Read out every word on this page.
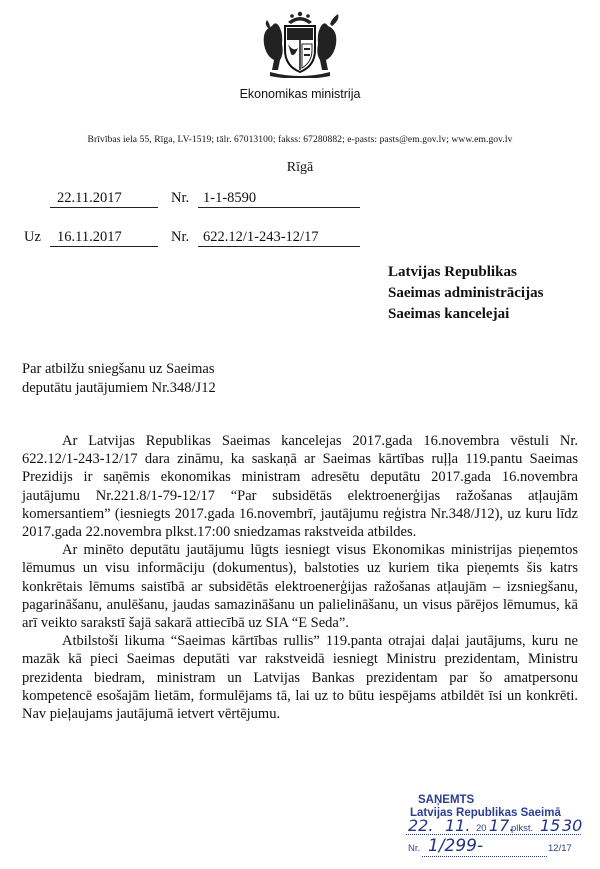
Ekonomikas ministrija
Brīvības iela 55, Rīga, LV-1519; tālr. 67013100; fakss: 67280882; e-pasts: pasts@em.gov.lv; www.em.gov.lv
Rīgā
22.11.2017	Nr. 1-1-8590
Uz 16.11.2017	Nr. 622.12/1-243-12/17
Latvijas Republikas
Saeimas administrācijas
Saeimas kancelejai
Par atbilžu sniegšanu uz Saeimas
deputātu jautājumiem Nr.348/J12

Ar Latvijas Republikas Saeimas kancelejas 2017.gada 16.novembra vēstuli Nr. 622.12/1-243-12/17 dara zināmu, ka saskaņā ar Saeimas kārtības ruļļa 119.pantu Saeimas Prezidijs ir saņēmis ekonomikas ministram adresētu deputātu 2017.gada 16.novembra jautājumu Nr.221.8/1-79-12/17 “Par subsidētās elektroenerģijas ražošanas atļaujām komersantiem” (iesniegts 2017.gada 16.novembrī, jautājumu reģistra Nr.348/J12), uz kuru līdz 2017.gada 22.novembra plkst.17:00 sniedzamas rakstveida atbildes.

Ar minēto deputātu jautājumu lūgts iesniegt visus Ekonomikas ministrijas pieņemtos lēmumus un visu informāciju (dokumentus), balstoties uz kuriem tika pieņemts šis katrs konkrētais lēmums saistībā ar subsidētās elektroenerģijas ražošanas atļaujām – izsniegšanu, pagarināšanu, anulēšanu, jaudas samazināšanu un palielināšanu, un visus pārējos lēmumus, kā arī veikto sarakstī šajā sakarā attiecībā uz SIA “E Seda”.

Atbilstoši likuma “Saeimas kārtības rullis” 119.panta otrajai daļai jautājums, kuru ne mazāk kā pieci Saeimas deputāti var rakstveidā iesniegt Ministru prezidentam, Ministru prezidenta biedram, ministram un Latvijas Bankas prezidentam par šo amatpersonu kompetencē esošajām lietām, formulējams tā, lai uz to būtu iespējams atbildēt īsi un konkrēti. Nav pieļaujams jautājumā ietvert vērtējumu.

SAŅEMTS
Latvijas Republikas Saeimā
22. 11. 20 17.
plkst. 15 30
Nr. 1/299-	12/17
